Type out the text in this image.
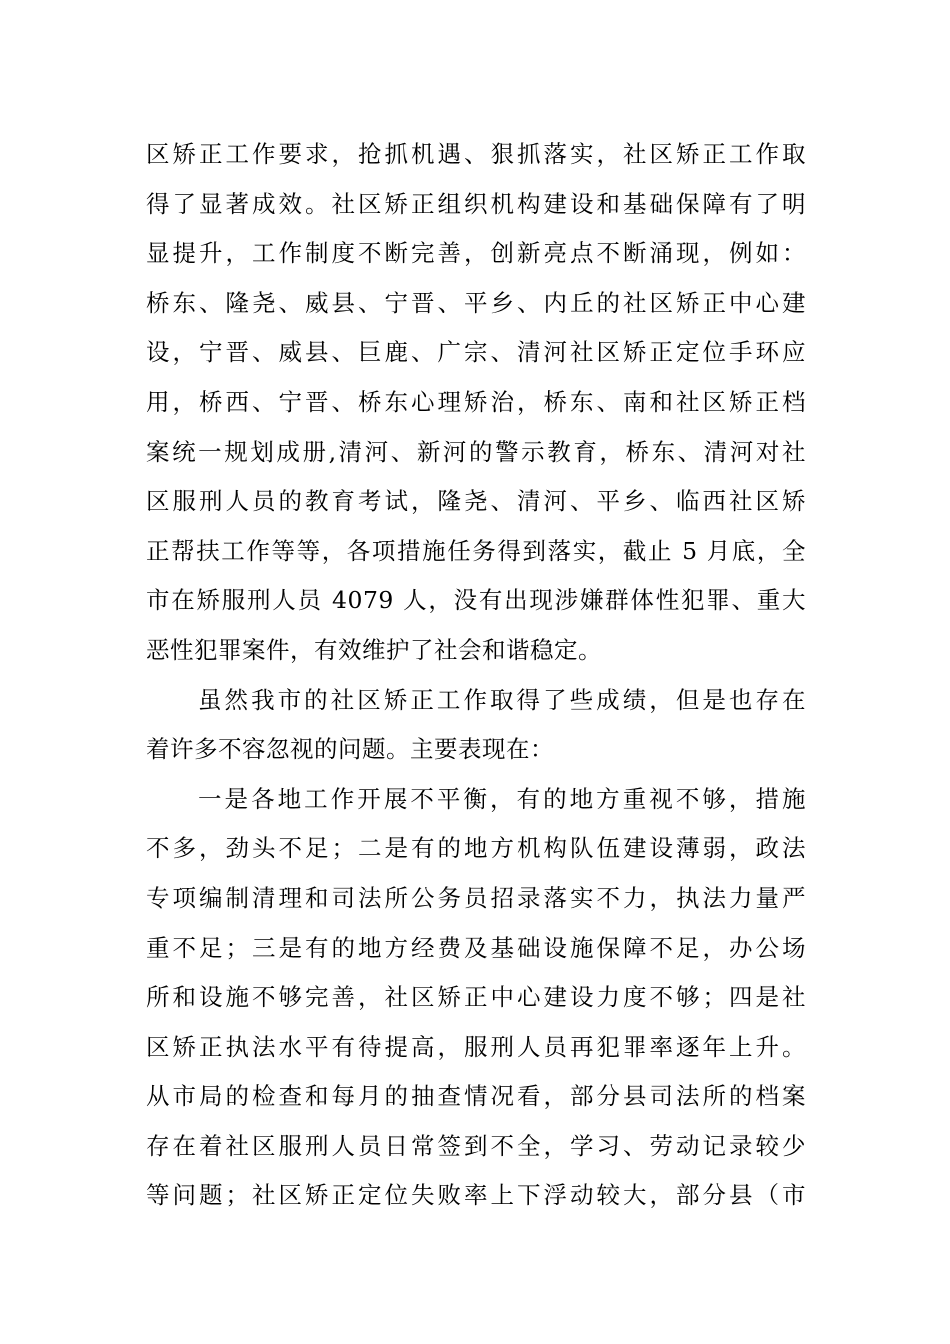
区矫正工作要求，抢抓机遇、狠抓落实，社区矫正工作取
得了显著成效。社区矫正组织机构建设和基础保障有了明
显提升，工作制度不断完善，创新亮点不断涌现，例如：
桥东、隆尧、威县、宁晋、平乡、内丘的社区矫正中心建
设，宁晋、威县、巨鹿、广宗、清河社区矫正定位手环应
用，桥西、宁晋、桥东心理矫治，桥东、南和社区矫正档
案统一规划成册,清河、新河的警示教育，桥东、清河对社
区服刑人员的教育考试，隆尧、清河、平乡、临西社区矫
正帮扶工作等等，各项措施任务得到落实，截止 5 月底，全
市在矫服刑人员 4079 人，没有出现涉嫌群体性犯罪、重大
恶性犯罪案件，有效维护了社会和谐稳定。
虽然我市的社区矫正工作取得了些成绩，但是也存在
着许多不容忽视的问题。主要表现在：
一是各地工作开展不平衡，有的地方重视不够，措施
不多，劲头不足；二是有的地方机构队伍建设薄弱，政法
专项编制清理和司法所公务员招录落实不力，执法力量严
重不足；三是有的地方经费及基础设施保障不足，办公场
所和设施不够完善，社区矫正中心建设力度不够；四是社
区矫正执法水平有待提高，服刑人员再犯罪率逐年上升。
从市局的检查和每月的抽查情况看，部分县司法所的档案
存在着社区服刑人员日常签到不全，学习、劳动记录较少
等问题；社区矫正定位失败率上下浮动较大，部分县（市
